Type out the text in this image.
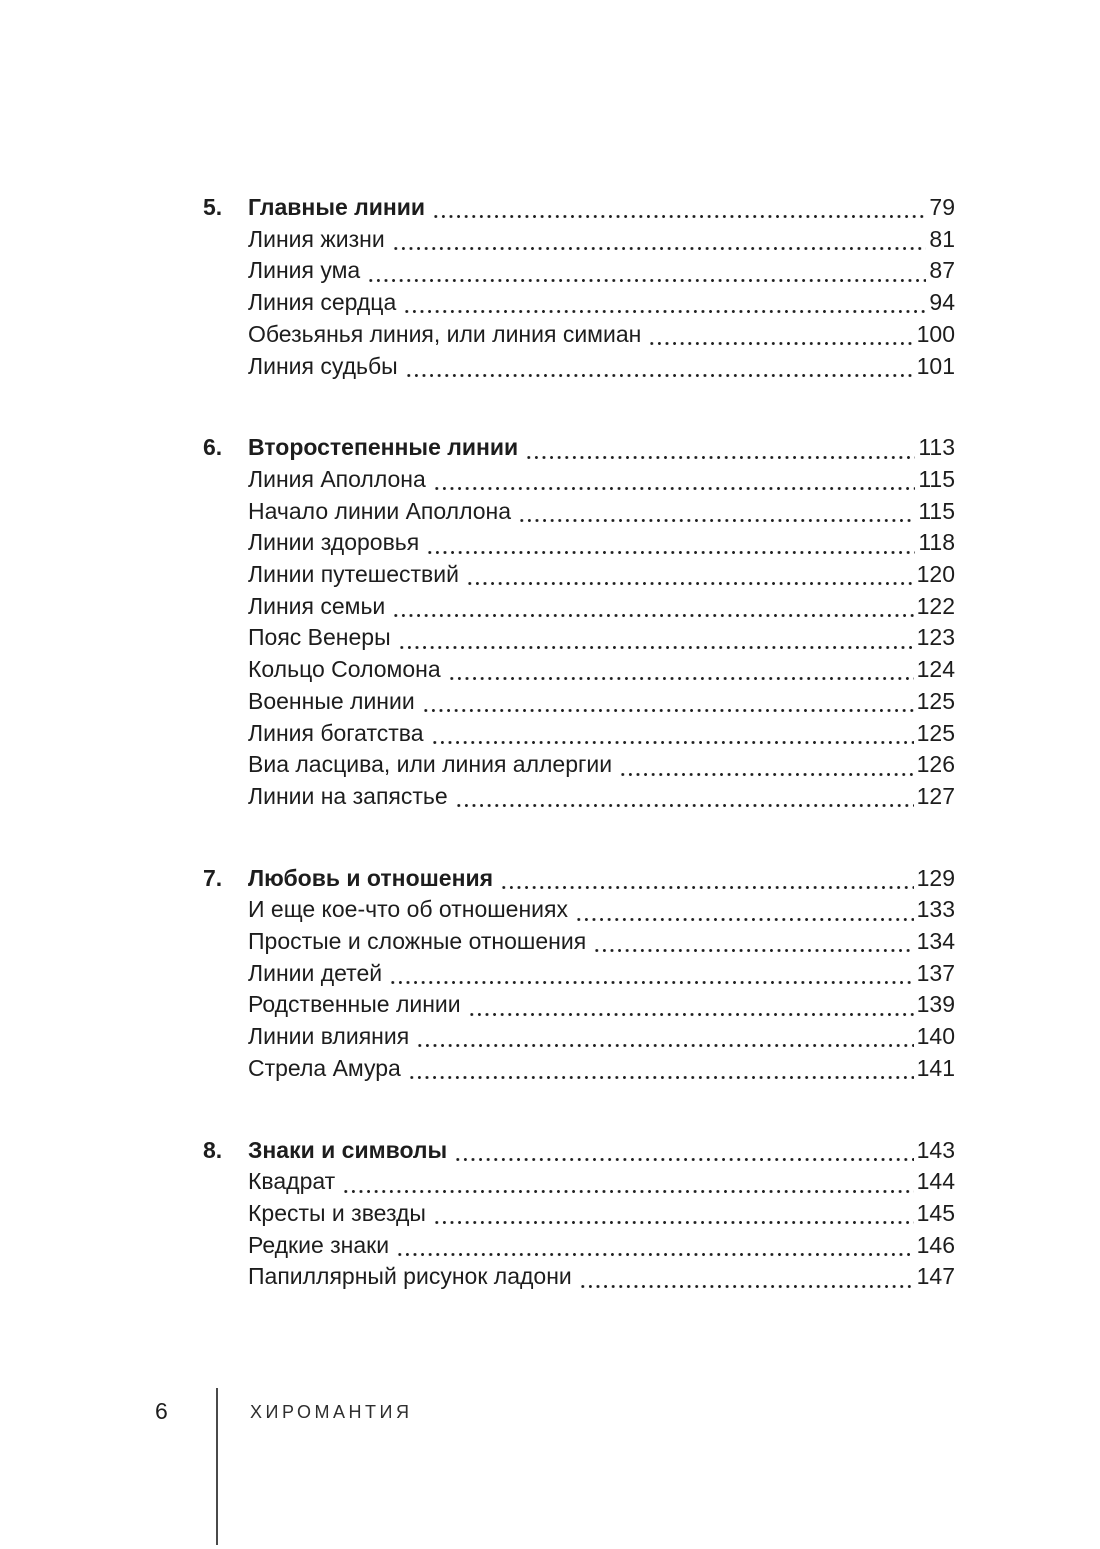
5.	Главные линии	79
Линия жизни	81
Линия ума	87
Линия сердца	94
Обезьянья линия, или линия симиан	100
Линия судьбы	101
6.	Второстепенные линии	113
Линия Аполлона	115
Начало линии Аполлона	115
Линии здоровья	118
Линии путешествий	120
Линия семьи	122
Пояс Венеры	123
Кольцо Соломона	124
Военные линии	125
Линия богатства	125
Виа ласцива, или линия аллергии	126
Линии на запястье	127
7.	Любовь и отношения	129
И еще кое-что об отношениях	133
Простые и сложные отношения	134
Линии детей	137
Родственные линии	139
Линии влияния	140
Стрела Амура	141
8.	Знаки и символы	143
Квадрат	144
Кресты и звезды	145
Редкие знаки	146
Папиллярный рисунок ладони	147
6	ХИРОМАНТИЯ
